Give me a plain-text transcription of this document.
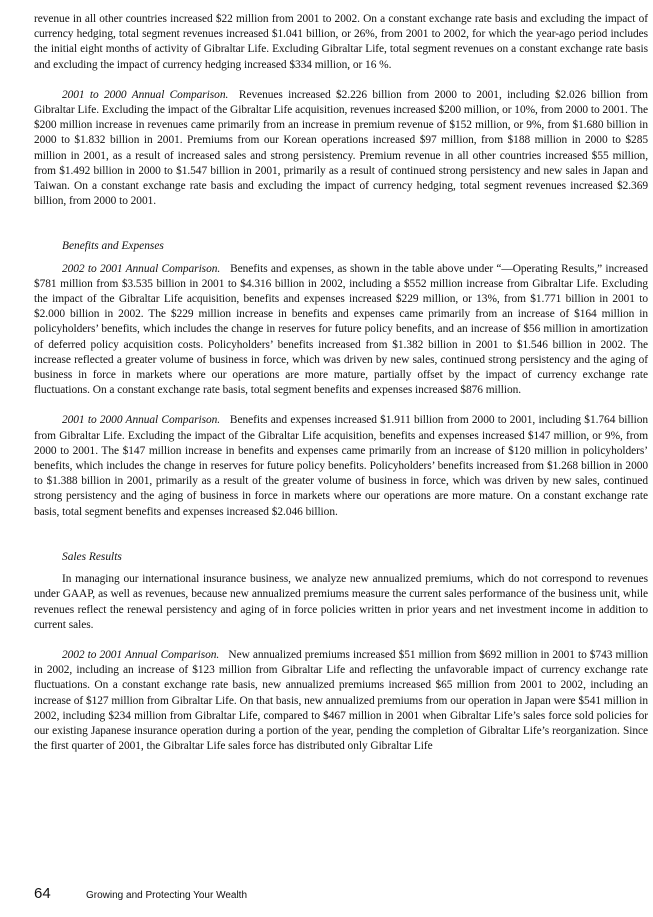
revenue in all other countries increased $22 million from 2001 to 2002. On a constant exchange rate basis and excluding the impact of currency hedging, total segment revenues increased $1.041 billion, or 26%, from 2001 to 2002, for which the year-ago period includes the initial eight months of activity of Gibraltar Life. Excluding Gibraltar Life, total segment revenues on a constant exchange rate basis and excluding the impact of currency hedging increased $334 million, or 16 %.

2001 to 2000 Annual Comparison. Revenues increased $2.226 billion from 2000 to 2001, including $2.026 billion from Gibraltar Life. Excluding the impact of the Gibraltar Life acquisition, revenues increased $200 million, or 10%, from 2000 to 2001. The $200 million increase in revenues came primarily from an increase in premium revenue of $152 million, or 9%, from $1.680 billion in 2000 to $1.832 billion in 2001. Premiums from our Korean operations increased $97 million, from $188 million in 2000 to $285 million in 2001, as a result of increased sales and strong persistency. Premium revenue in all other countries increased $55 million, from $1.492 billion in 2000 to $1.547 billion in 2001, primarily as a result of continued strong persistency and new sales in Japan and Taiwan. On a constant exchange rate basis and excluding the impact of currency hedging, total segment revenues increased $2.369 billion, from 2000 to 2001.

Benefits and Expenses

2002 to 2001 Annual Comparison. Benefits and expenses, as shown in the table above under “—Operating Results,” increased $781 million from $3.535 billion in 2001 to $4.316 billion in 2002, including a $552 million increase from Gibraltar Life. Excluding the impact of the Gibraltar Life acquisition, benefits and expenses increased $229 million, or 13%, from $1.771 billion in 2001 to $2.000 billion in 2002. The $229 million increase in benefits and expenses came primarily from an increase of $164 million in policyholders’ benefits, which includes the change in reserves for future policy benefits, and an increase of $56 million in amortization of deferred policy acquisition costs. Policyholders’ benefits increased from $1.382 billion in 2001 to $1.546 billion in 2002. The increase reflected a greater volume of business in force, which was driven by new sales, continued strong persistency and the aging of business in force in markets where our operations are more mature, partially offset by the impact of currency exchange rate fluctuations. On a constant exchange rate basis, total segment benefits and expenses increased $876 million.

2001 to 2000 Annual Comparison. Benefits and expenses increased $1.911 billion from 2000 to 2001, including $1.764 billion from Gibraltar Life. Excluding the impact of the Gibraltar Life acquisition, benefits and expenses increased $147 million, or 9%, from 2000 to 2001. The $147 million increase in benefits and expenses came primarily from an increase of $120 million in policyholders’ benefits, which includes the change in reserves for future policy benefits. Policyholders’ benefits increased from $1.268 billion in 2000 to $1.388 billion in 2001, primarily as a result of the greater volume of business in force, which was driven by new sales, continued strong persistency and the aging of business in force in markets where our operations are more mature. On a constant exchange rate basis, total segment benefits and expenses increased $2.046 billion.

Sales Results

In managing our international insurance business, we analyze new annualized premiums, which do not correspond to revenues under GAAP, as well as revenues, because new annualized premiums measure the current sales performance of the business unit, while revenues reflect the renewal persistency and aging of in force policies written in prior years and net investment income in addition to current sales.

2002 to 2001 Annual Comparison. New annualized premiums increased $51 million from $692 million in 2001 to $743 million in 2002, including an increase of $123 million from Gibraltar Life and reflecting the unfavorable impact of currency exchange rate fluctuations. On a constant exchange rate basis, new annualized premiums increased $65 million from 2001 to 2002, including an increase of $127 million from Gibraltar Life. On that basis, new annualized premiums from our operation in Japan were $541 million in 2002, including $234 million from Gibraltar Life, compared to $467 million in 2001 when Gibraltar Life’s sales force sold policies for our existing Japanese insurance operation during a portion of the year, pending the completion of Gibraltar Life’s reorganization. Since the first quarter of 2001, the Gibraltar Life sales force has distributed only Gibraltar Life

64	Growing and Protecting Your Wealth
